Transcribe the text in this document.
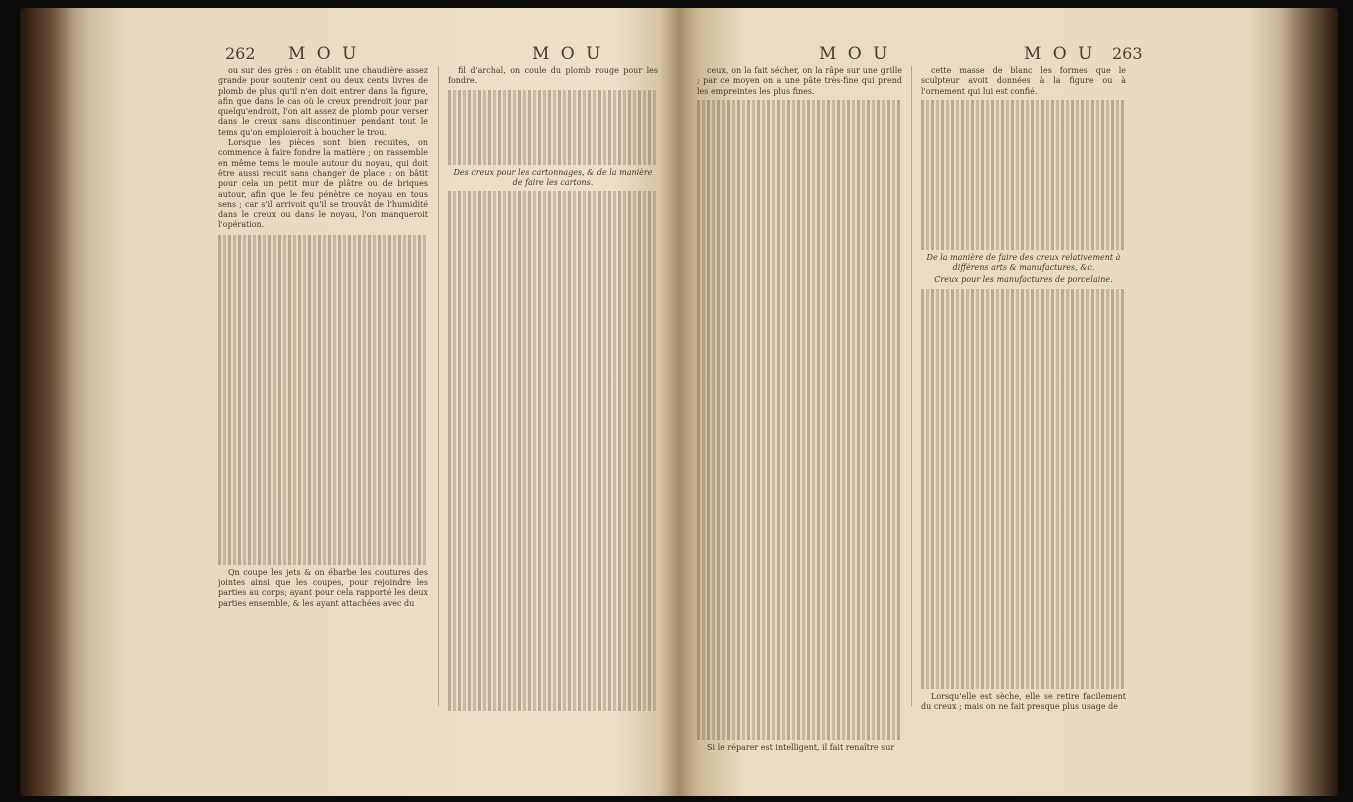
262 M O U	M O U

ou sur des grès : on établit une chaudière assez grande pour soutenir cent ou deux cents livres de plomb de plus qu'il n'en doit entrer dans la figure, afin que dans le cas où le creux prendroit jour par quelqu'endroit, l'on ait assez de plomb pour verser dans le creux sans discontinuer pendant tout le tems qu'on emploieroit à boucher le trou.

Lorsque les pièces sont bien recuites, on commence à faire fondre la matière ; on rassemble en même tems le moule autour du noyau, qui doit être aussi recuit sans changer de place : on bâtit pour cela un petit mur de plâtre ou de briques autour, afin que le feu pénètre ce noyau en tous sens ; car s'il arrivoit qu'il se trouvât de l'humidité dans le creux ou dans le noyau, l'on manqueroit l'opération.

Qn coupe les jets & on ébarbe les coutures des jointes ainsi que les coupes, pour rejoindre les parties au corps; ayant pour cela rapporté les deux parties ensemble, & les ayant attachées avec du

fil d'archal, on coule du plomb rouge pour les fondre.

Des creux pour les cartonnages, & de la manière de faire les cartons.

M O U	M O U 263

ceux, on la fait sécher, on la râpe sur une grille ; par ce moyen on a une pâte très-fine qui prend les empreintes les plus fines.

Si le réparer est intelligent, il fait renaître sur

cette masse de blanc les formes que le sculpteur avoit données à la figure ou à l'ornement qui lui est confié.

De la manière de faire des creux relativement à différens arts & manufactures, &c.

Creux pour les manufactures de porcelaine.

Lorsqu'elle est sèche, elle se retire facilement du creux ; mais on ne fait presque plus usage de
